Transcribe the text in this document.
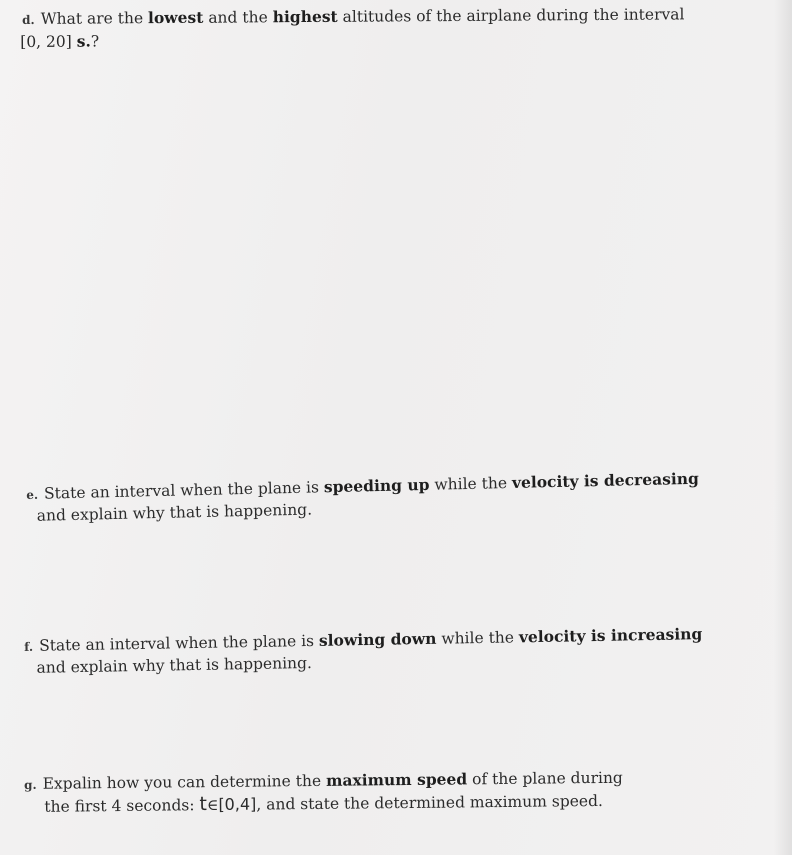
d. What are the lowest and the highest altitudes of the airplane during the interval
[0, 20] s.?
e. State an interval when the plane is speeding up while the velocity is decreasing
and explain why that is happening.
f. State an interval when the plane is slowing down while the velocity is increasing
and explain why that is happening.
g. Expalin how you can determine the maximum speed of the plane during
the first 4 seconds: t∈[0,4], and state the determined maximum speed.
